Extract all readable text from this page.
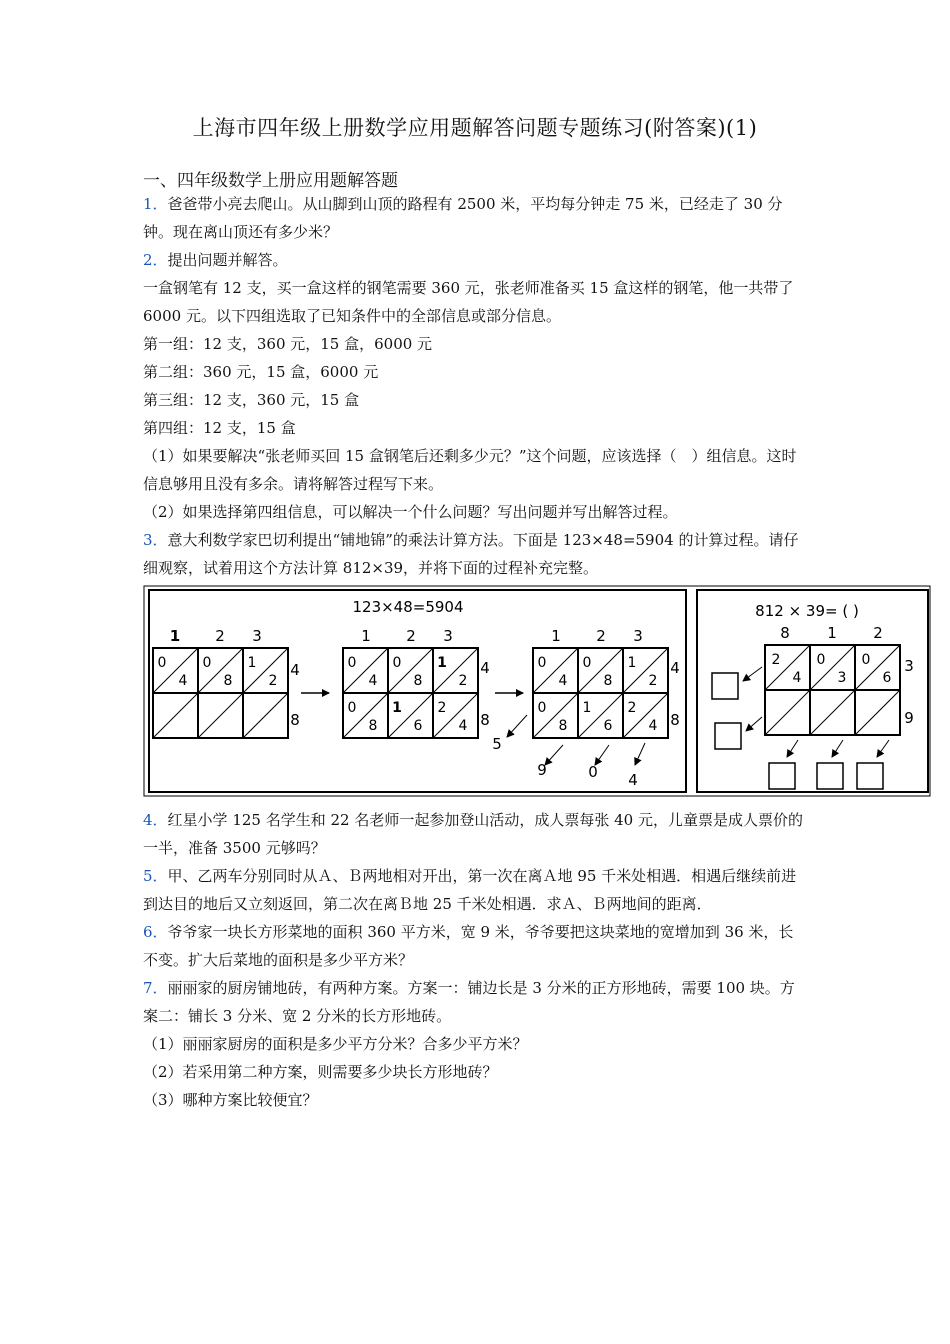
上海市四年级上册数学应用题解答问题专题练习(附答案)(1)
一、四年级数学上册应用题解答题

1．爸爸带小亮去爬山。从山脚到山顶的路程有 2500 米，平均每分钟走 75 米，已经走了 30 分钟。现在离山顶还有多少米？

2．提出问题并解答。

一盒钢笔有 12 支，买一盒这样的钢笔需要 360 元，张老师准备买 15 盒这样的钢笔，他一共带了 6000 元。以下四组选取了已知条件中的全部信息或部分信息。

第一组：12 支，360 元，15 盒，6000 元

第二组：360 元，15 盒，6000 元

第三组：12 支，360 元，15 盒

第四组：12 支，15 盒

（1）如果要解决“张老师买回 15 盒钢笔后还剩多少元？”这个问题，应该选择（　）组信息。这时信息够用且没有多余。请将解答过程写下来。

（2）如果选择第四组信息，可以解决一个什么问题？写出问题并写出解答过程。

3．意大利数学家巴切利提出“铺地锦”的乘法计算方法。下面是 123×48=5904 的计算过程。请仔细观察，试着用这个方法计算 812×39，并将下面的过程补充完整。

123×48=5904	812 × 39= ( )
1 2 3
4
8
0
4
0
8
1
2
1 2 3
4
8
0
4
0
8
1
2
0
8
1
6
2
4
1 2 3
4
8
0
4
0
8
1
2
0
8
1
6
2
4
5
9	0 4
8 1 2
3
9
2
4
0
3
0
6

4．红星小学 125 名学生和 22 名老师一起参加登山活动，成人票每张 40 元，儿童票是成人票价的一半，准备 3500 元够吗？

5．甲、乙两车分别同时从Ａ、Ｂ两地相对开出，第一次在离Ａ地 95 千米处相遇．相遇后继续前进到达目的地后又立刻返回，第二次在离Ｂ地 25 千米处相遇．求Ａ、Ｂ两地间的距离．

6．爷爷家一块长方形菜地的面积 360 平方米，宽 9 米，爷爷要把这块菜地的宽增加到 36 米，长不变。扩大后菜地的面积是多少平方米？

7．丽丽家的厨房铺地砖，有两种方案。方案一：铺边长是 3 分米的正方形地砖，需要 100 块。方案二：铺长 3 分米、宽 2 分米的长方形地砖。

（1）丽丽家厨房的面积是多少平方分米？合多少平方米？

（2）若采用第二种方案，则需要多少块长方形地砖？

（3）哪种方案比较便宜？
